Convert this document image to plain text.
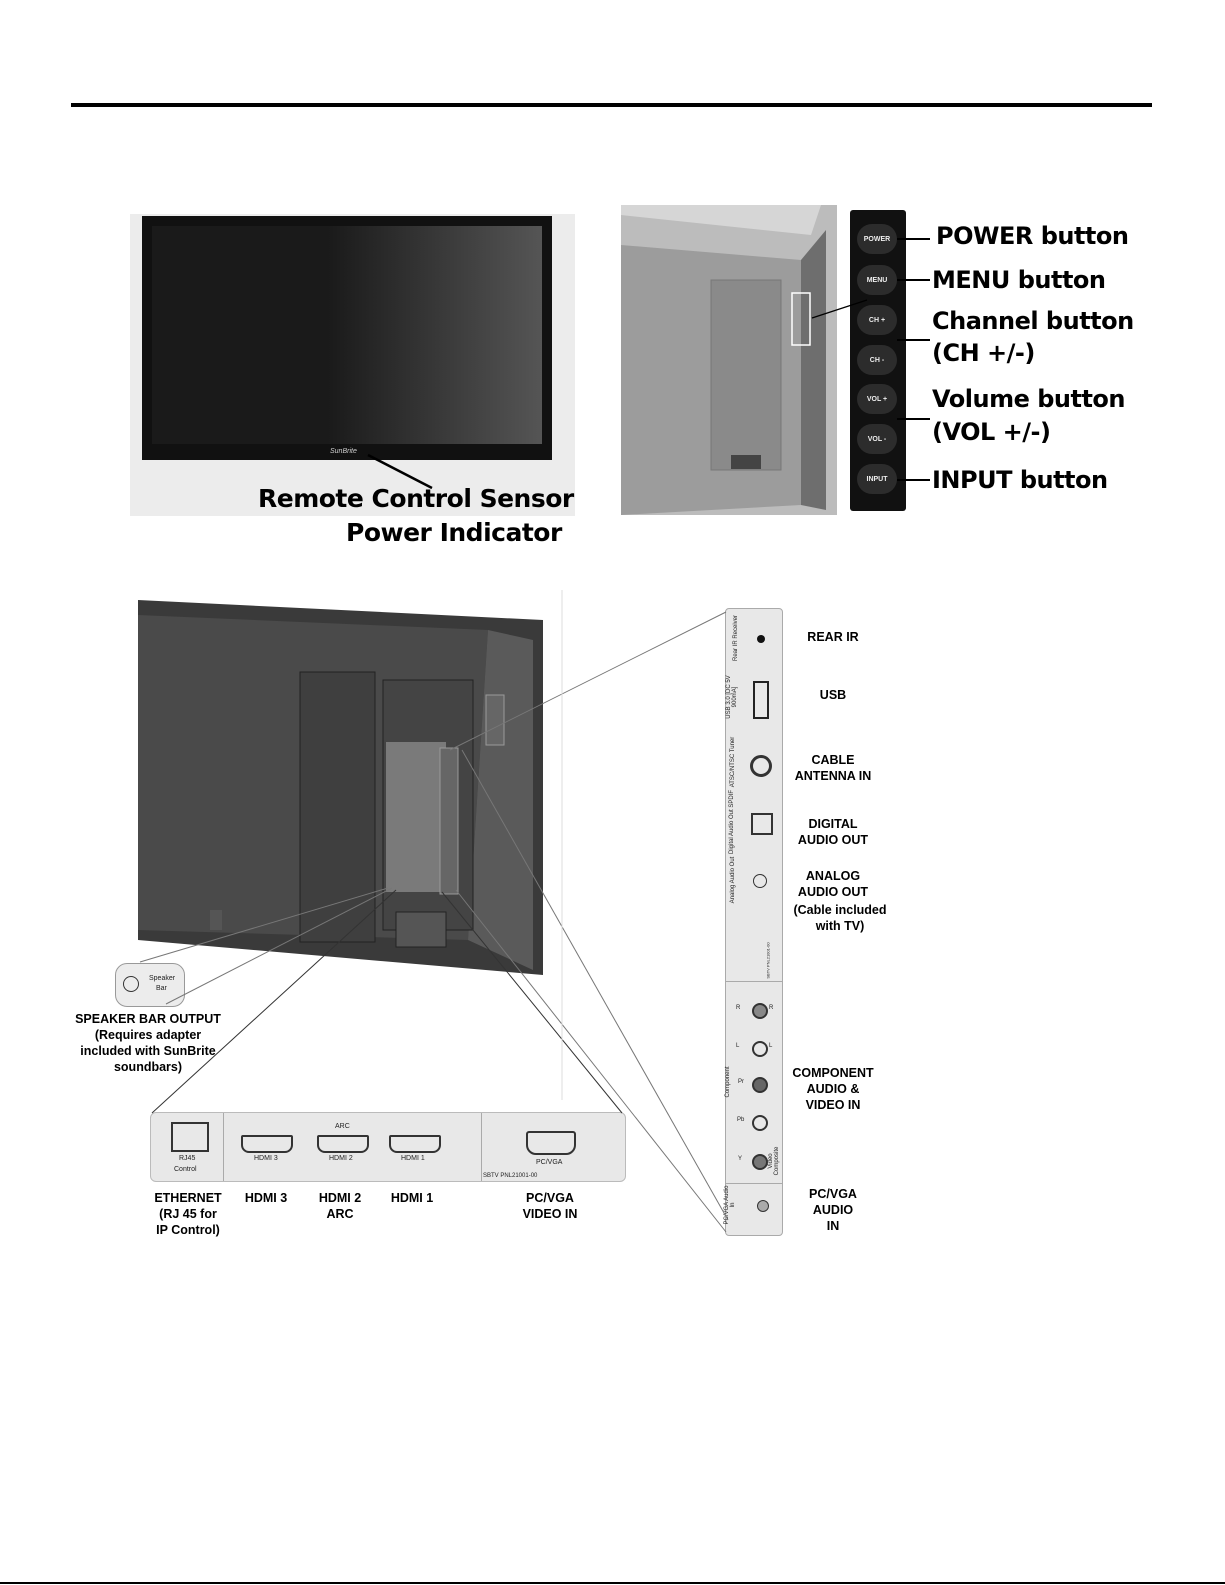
SunBrite
Remote Control Sensor
Power Indicator
POWER
MENU
CH +
CH -
VOL +
VOL -
INPUT
POWER button
MENU button
Channel button
(CH +/-)
Volume button
(VOL +/-)
INPUT button
Speaker
Bar
SPEAKER BAR OUTPUT
(Requires adapter
included with SunBrite
soundbars)
RJ45
Control
HDMI 3
ARC
HDMI 2	HDMI 1
PC/VGA
SBTV PNL21001-00
ETHERNET
(RJ 45 for
IP Control)
HDMI 3	HDMI 2
ARC
HDMI 1	PC/VGA
VIDEO IN
Rear IR Receiver
USB 3.0 [DC 5V 900mA]
ATSC/NTSC Tuner
Digital Audio Out SPDIF
Analog Audio Out
SBTV PNL21001-00
R	R
L	L
Component Pr
Pb
Y	Video Composite
PC/VGA Audio In
REAR IR
USB
CABLE
ANTENNA IN
DIGITAL
AUDIO OUT
ANALOG
AUDIO OUT
(Cable included
with TV)
COMPONENT
AUDIO &
VIDEO IN
PC/VGA
AUDIO
IN
